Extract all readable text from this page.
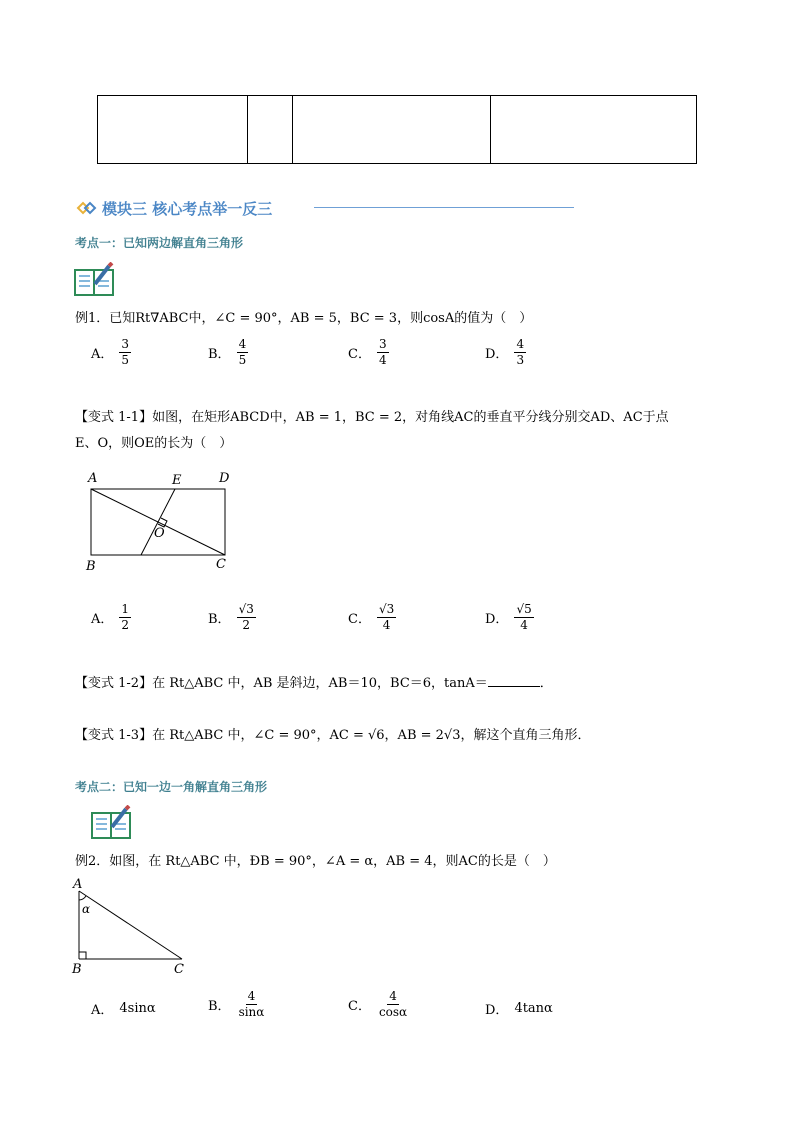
模块三 核心考点举一反三
考点一：已知两边解直角三角形
例1．已知Rt∇ABC中，∠C = 90°，AB = 5，BC = 3，则cosA的值为（　）
A． $\frac{3}{5}$	B． $\frac{4}{5}$	C． $\frac{3}{4}$	D． $\frac{4}{3}$
【变式 1-1】如图，在矩形ABCD中，AB = 1，BC = 2，对角线AC的垂直平分线分别交AD、AC于点
E、O，则OE的长为（　）
A	E	D
O
B	C
A． $\frac{1}{2}$	B． $\frac{√3}{2}$	C． $\frac{√3}{4}$	D． $\frac{√5}{4}$
【变式 1-2】在 Rt△ABC 中，AB 是斜边，AB＝10，BC＝6，tanA＝	．
【变式 1-3】在 Rt△ABC 中，∠C = 90°，AC = √6，AB = 2√3，解这个直角三角形．
考点二：已知一边一角解直角三角形
例2．如图，在 Rt△ABC 中，ÐB = 90°，∠A = α，AB = 4，则AC的长是（　）
A
α
B	C
A． 4sinα	B． $\frac{4}{\sin\alpha}$	C． $\frac{4}{\cos\alpha}$	D． 4tanα
